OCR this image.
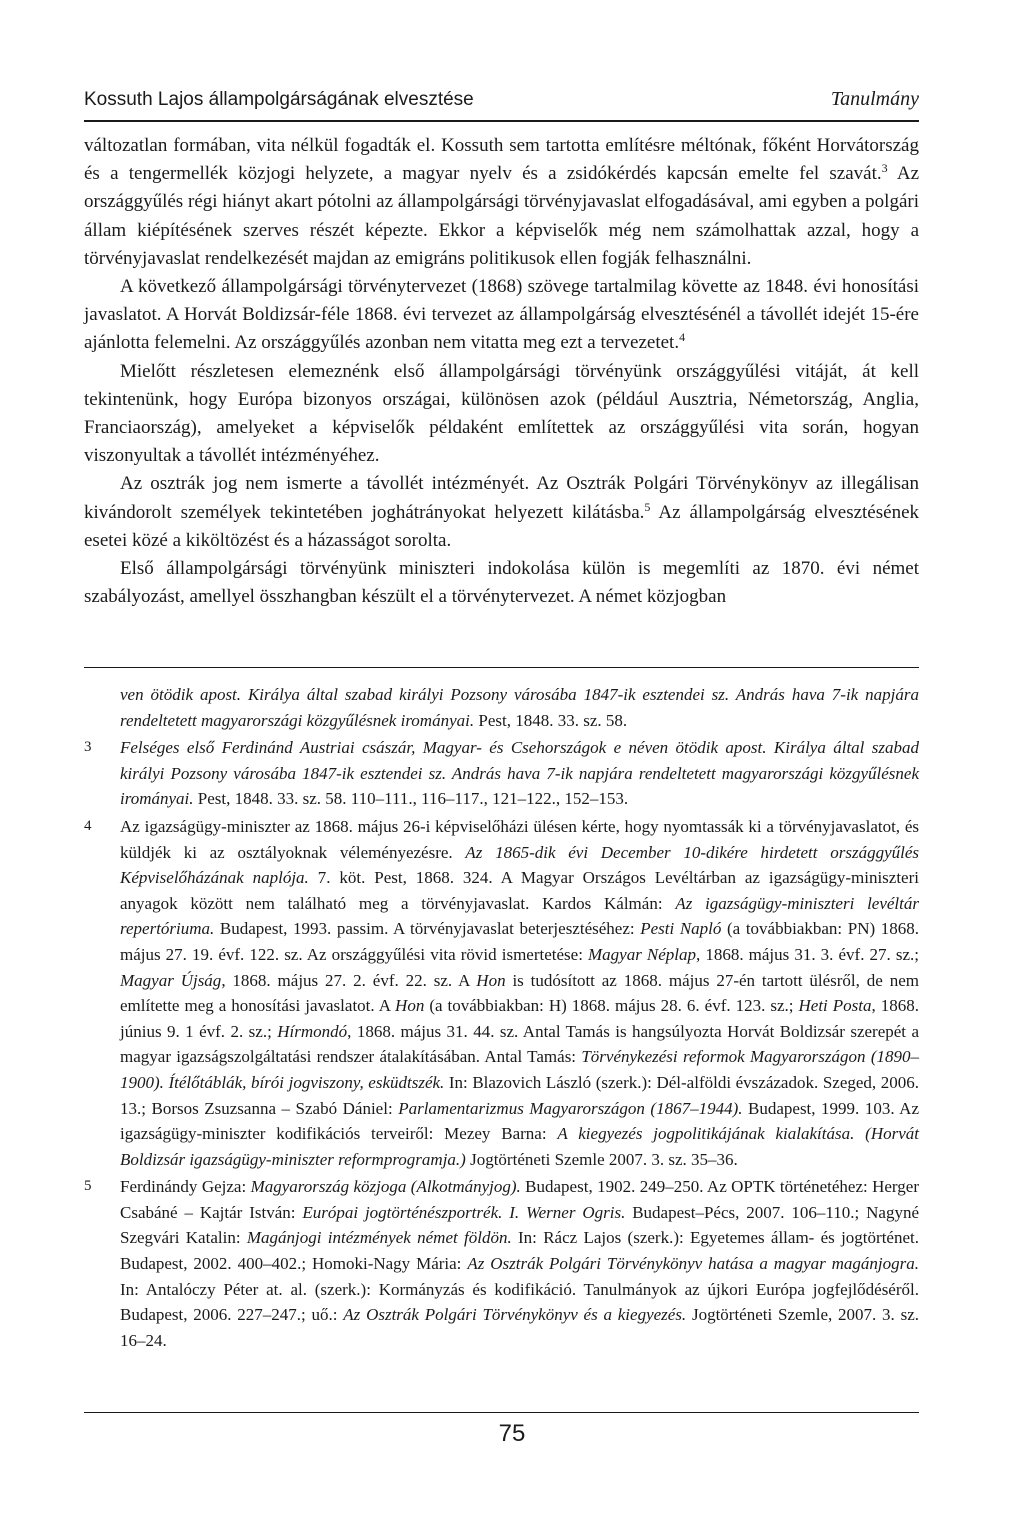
Kossuth Lajos állampolgárságának elvesztése	Tanulmány

változatlan formában, vita nélkül fogadták el. Kossuth sem tartotta említésre méltónak, főként Horvátország és a tengermellék közjogi helyzete, a magyar nyelv és a zsidókérdés kapcsán emelte fel szavát.$^3$ Az országgyűlés régi hiányt akart pótolni az állampolgársági törvényjavaslat elfogadásával, ami egyben a polgári állam kiépítésének szerves részét képezte. Ekkor a képviselők még nem számolhattak azzal, hogy a törvényjavaslat rendelkezését majdan az emigráns politikusok ellen fogják felhasználni.

A következő állampolgársági törvénytervezet (1868) szövege tartalmilag követte az 1848. évi honosítási javaslatot. A Horvát Boldizsár-féle 1868. évi tervezet az állampolgárság elvesztésénél a távollét idejét 15-ére ajánlotta felemelni. Az országgyűlés azonban nem vitatta meg ezt a tervezetet.$^4$

Mielőtt részletesen elemeznénk első állampolgársági törvényünk országgyűlési vitáját, át kell tekintenünk, hogy Európa bizonyos országai, különösen azok (például Ausztria, Németország, Anglia, Franciaország), amelyeket a képviselők példaként említettek az országgyűlési vita során, hogyan viszonyultak a távollét intézményéhez.

Az osztrák jog nem ismerte a távollét intézményét. Az Osztrák Polgári Törvénykönyv az illegálisan kivándorolt személyek tekintetében joghátrányokat helyezett kilátásba.$^5$ Az állampolgárság elvesztésének esetei közé a kiköltözést és a házasságot sorolta.

Első állampolgársági törvényünk miniszteri indokolása külön is megemlíti az 1870. évi német szabályozást, amellyel összhangban készült el a törvénytervezet. A német közjogban

ven ötödik apost. Királya által szabad királyi Pozsony városába 1847-ik esztendei sz. András hava 7-ik napjára rendeltetett magyarországi közgyűlésnek irományai. Pest, 1848. 33. sz. 58.

3	Felséges első Ferdinánd Austriai császár, Magyar- és Csehországok e néven ötödik apost. Királya által szabad királyi Pozsony városába 1847-ik esztendei sz. András hava 7-ik napjára rendeltetett magyarországi közgyűlésnek irományai. Pest, 1848. 33. sz. 58. 110–111., 116–117., 121–122., 152–153.

4	Az igazságügy-miniszter az 1868. május 26-i képviselőházi ülésen kérte, hogy nyomtassák ki a törvényjavaslatot, és küldjék ki az osztályoknak véleményezésre. Az 1865-dik évi December 10-dikére hirdetett országgyűlés Képviselőházának naplója. 7. köt. Pest, 1868. 324. A Magyar Országos Levéltárban az igazságügy-miniszteri anyagok között nem található meg a törvényjavaslat. Kardos Kálmán: Az igazságügy-miniszteri levéltár repertóriuma. Budapest, 1993. passim. A törvényjavaslat beterjesztéséhez: Pesti Napló (a továbbiakban: PN) 1868. május 27. 19. évf. 122. sz. Az országgyűlési vita rövid ismertetése: Magyar Néplap, 1868. május 31. 3. évf. 27. sz.; Magyar Újság, 1868. május 27. 2. évf. 22. sz. A Hon is tudósított az 1868. május 27-én tartott ülésről, de nem említette meg a honosítási javaslatot. A Hon (a továbbiakban: H) 1868. május 28. 6. évf. 123. sz.; Heti Posta, 1868. június 9. 1 évf. 2. sz.; Hírmondó, 1868. május 31. 44. sz. Antal Tamás is hangsúlyozta Horvát Boldizsár szerepét a magyar igazságszolgáltatási rendszer átalakításában. Antal Tamás: Törvénykezési reformok Magyarországon (1890–1900). Ítélőtáblák, bírói jogviszony, esküdtszék. In: Blazovich László (szerk.): Dél-alföldi évszázadok. Szeged, 2006. 13.; Borsos Zsuzsanna – Szabó Dániel: Parlamentarizmus Magyarországon (1867–1944). Budapest, 1999. 103. Az igazságügy-miniszter kodifikációs terveiről: Mezey Barna: A kiegyezés jogpolitikájának kialakítása. (Horvát Boldizsár igazságügy-miniszter reformprogramja.) Jogtörténeti Szemle 2007. 3. sz. 35–36.

5	Ferdinándy Gejza: Magyarország közjoga (Alkotmányjog). Budapest, 1902. 249–250. Az OPTK történetéhez: Herger Csabáné – Kajtár István: Európai jogtörténészportrék. I. Werner Ogris. Budapest–Pécs, 2007. 106–110.; Nagyné Szegvári Katalin: Magánjogi intézmények német földön. In: Rácz Lajos (szerk.): Egyetemes állam- és jogtörténet. Budapest, 2002. 400–402.; Homoki-Nagy Mária: Az Osztrák Polgári Törvénykönyv hatása a magyar magánjogra. In: Antalóczy Péter at. al. (szerk.): Kormányzás és kodifikáció. Tanulmányok az újkori Európa jogfejlődéséről. Budapest, 2006. 227–247.; uő.: Az Osztrák Polgári Törvénykönyv és a kiegyezés. Jogtörténeti Szemle, 2007. 3. sz. 16–24.

75
